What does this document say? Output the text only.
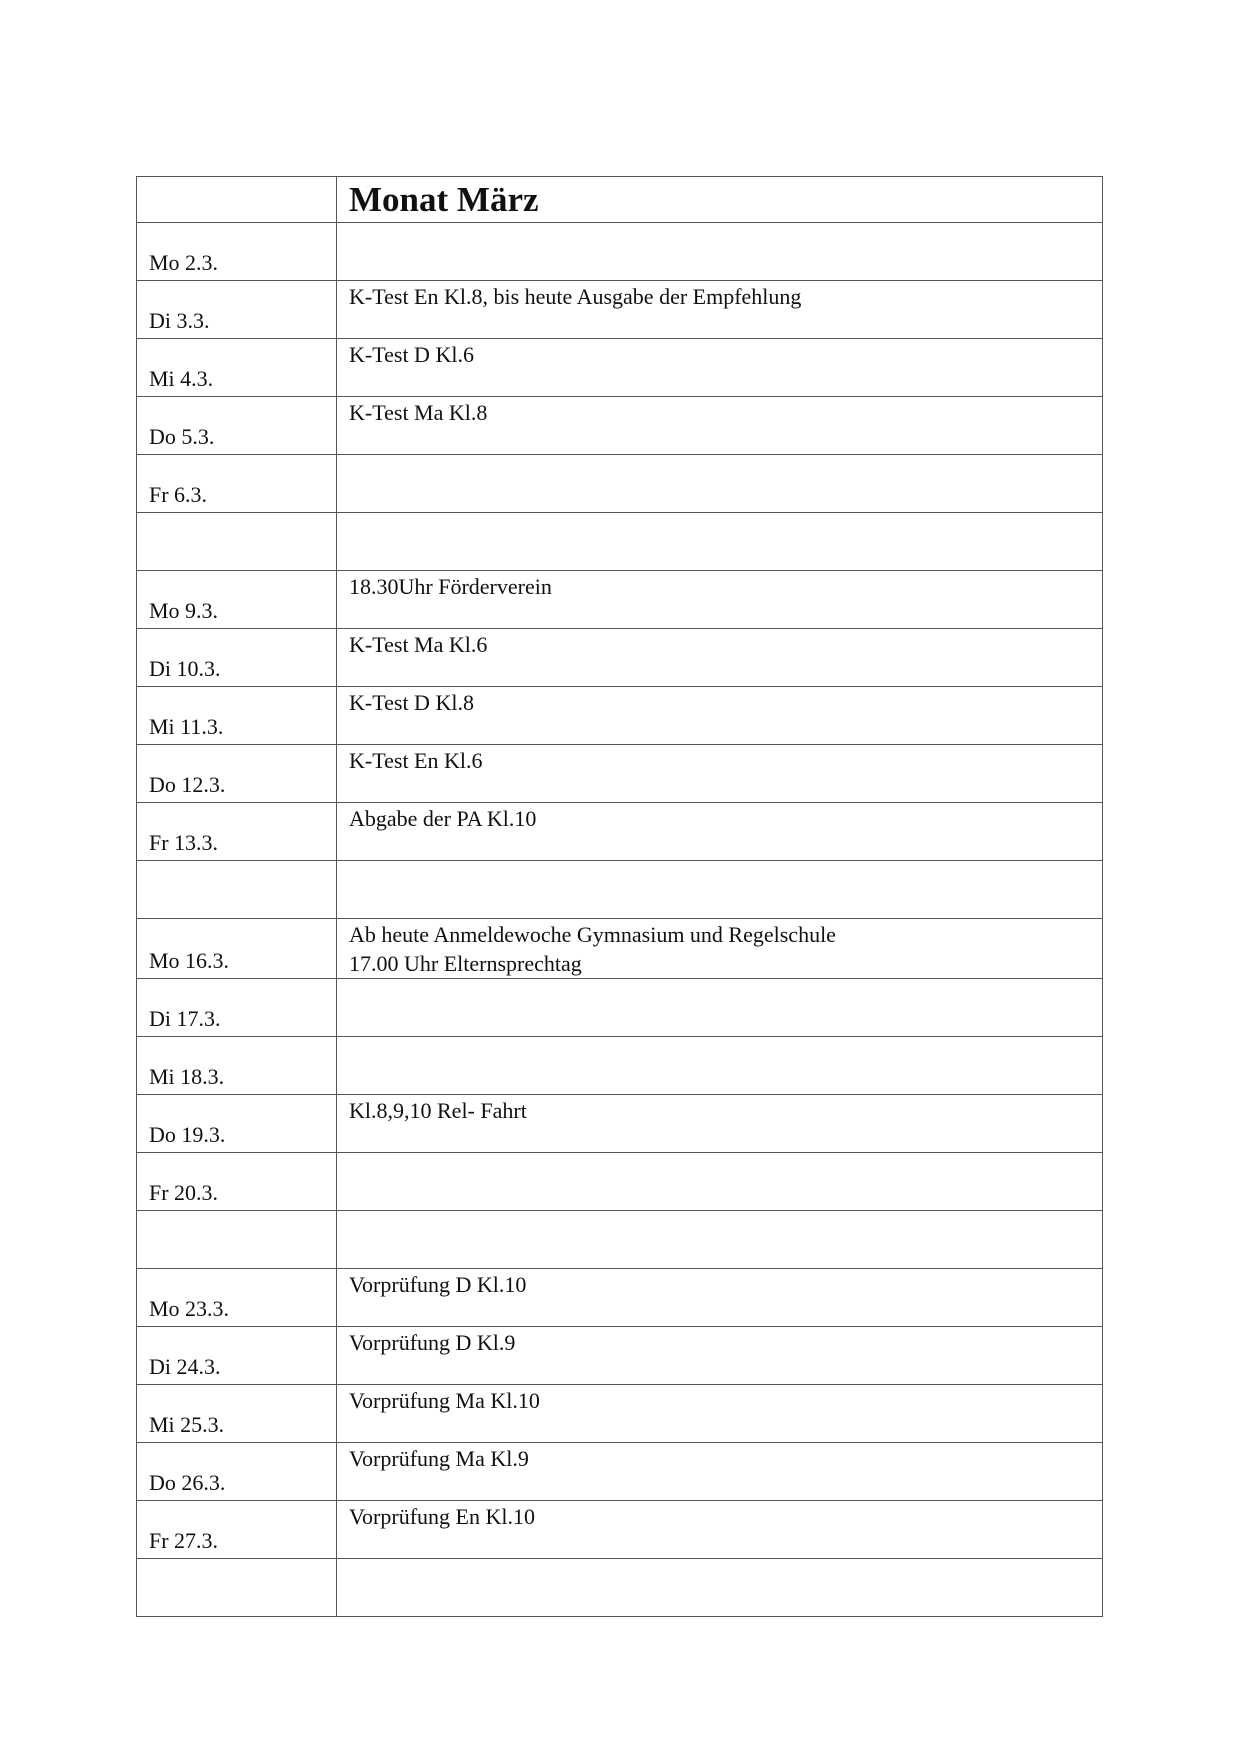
	Monat März
Mo 2.3.	
Di 3.3.	K-Test En Kl.8, bis heute Ausgabe der Empfehlung

Mi 4.3.	K-Test D Kl.6

Do 5.3.	K-Test Ma Kl.8

Fr 6.3.	

Mo 9.3.	18.30Uhr Förderverein

Di 10.3.	K-Test Ma Kl.6

Mi 11.3.	K-Test D Kl.8

Do 12.3.	K-Test En Kl.6

Fr 13.3.	Abgabe der PA Kl.10

Mo 16.3.	Ab heute Anmeldewoche Gymnasium und Regelschule
17.00 Uhr Elternsprechtag

Di 17.3.	
Mi 18.3.	
Do 19.3.	Kl.8,9,10 Rel- Fahrt

Fr 20.3.	

Mo 23.3.	Vorprüfung D Kl.10

Di 24.3.	Vorprüfung D Kl.9

Mi 25.3.	Vorprüfung Ma Kl.10

Do 26.3.	Vorprüfung Ma Kl.9

Fr 27.3.	Vorprüfung En Kl.10
